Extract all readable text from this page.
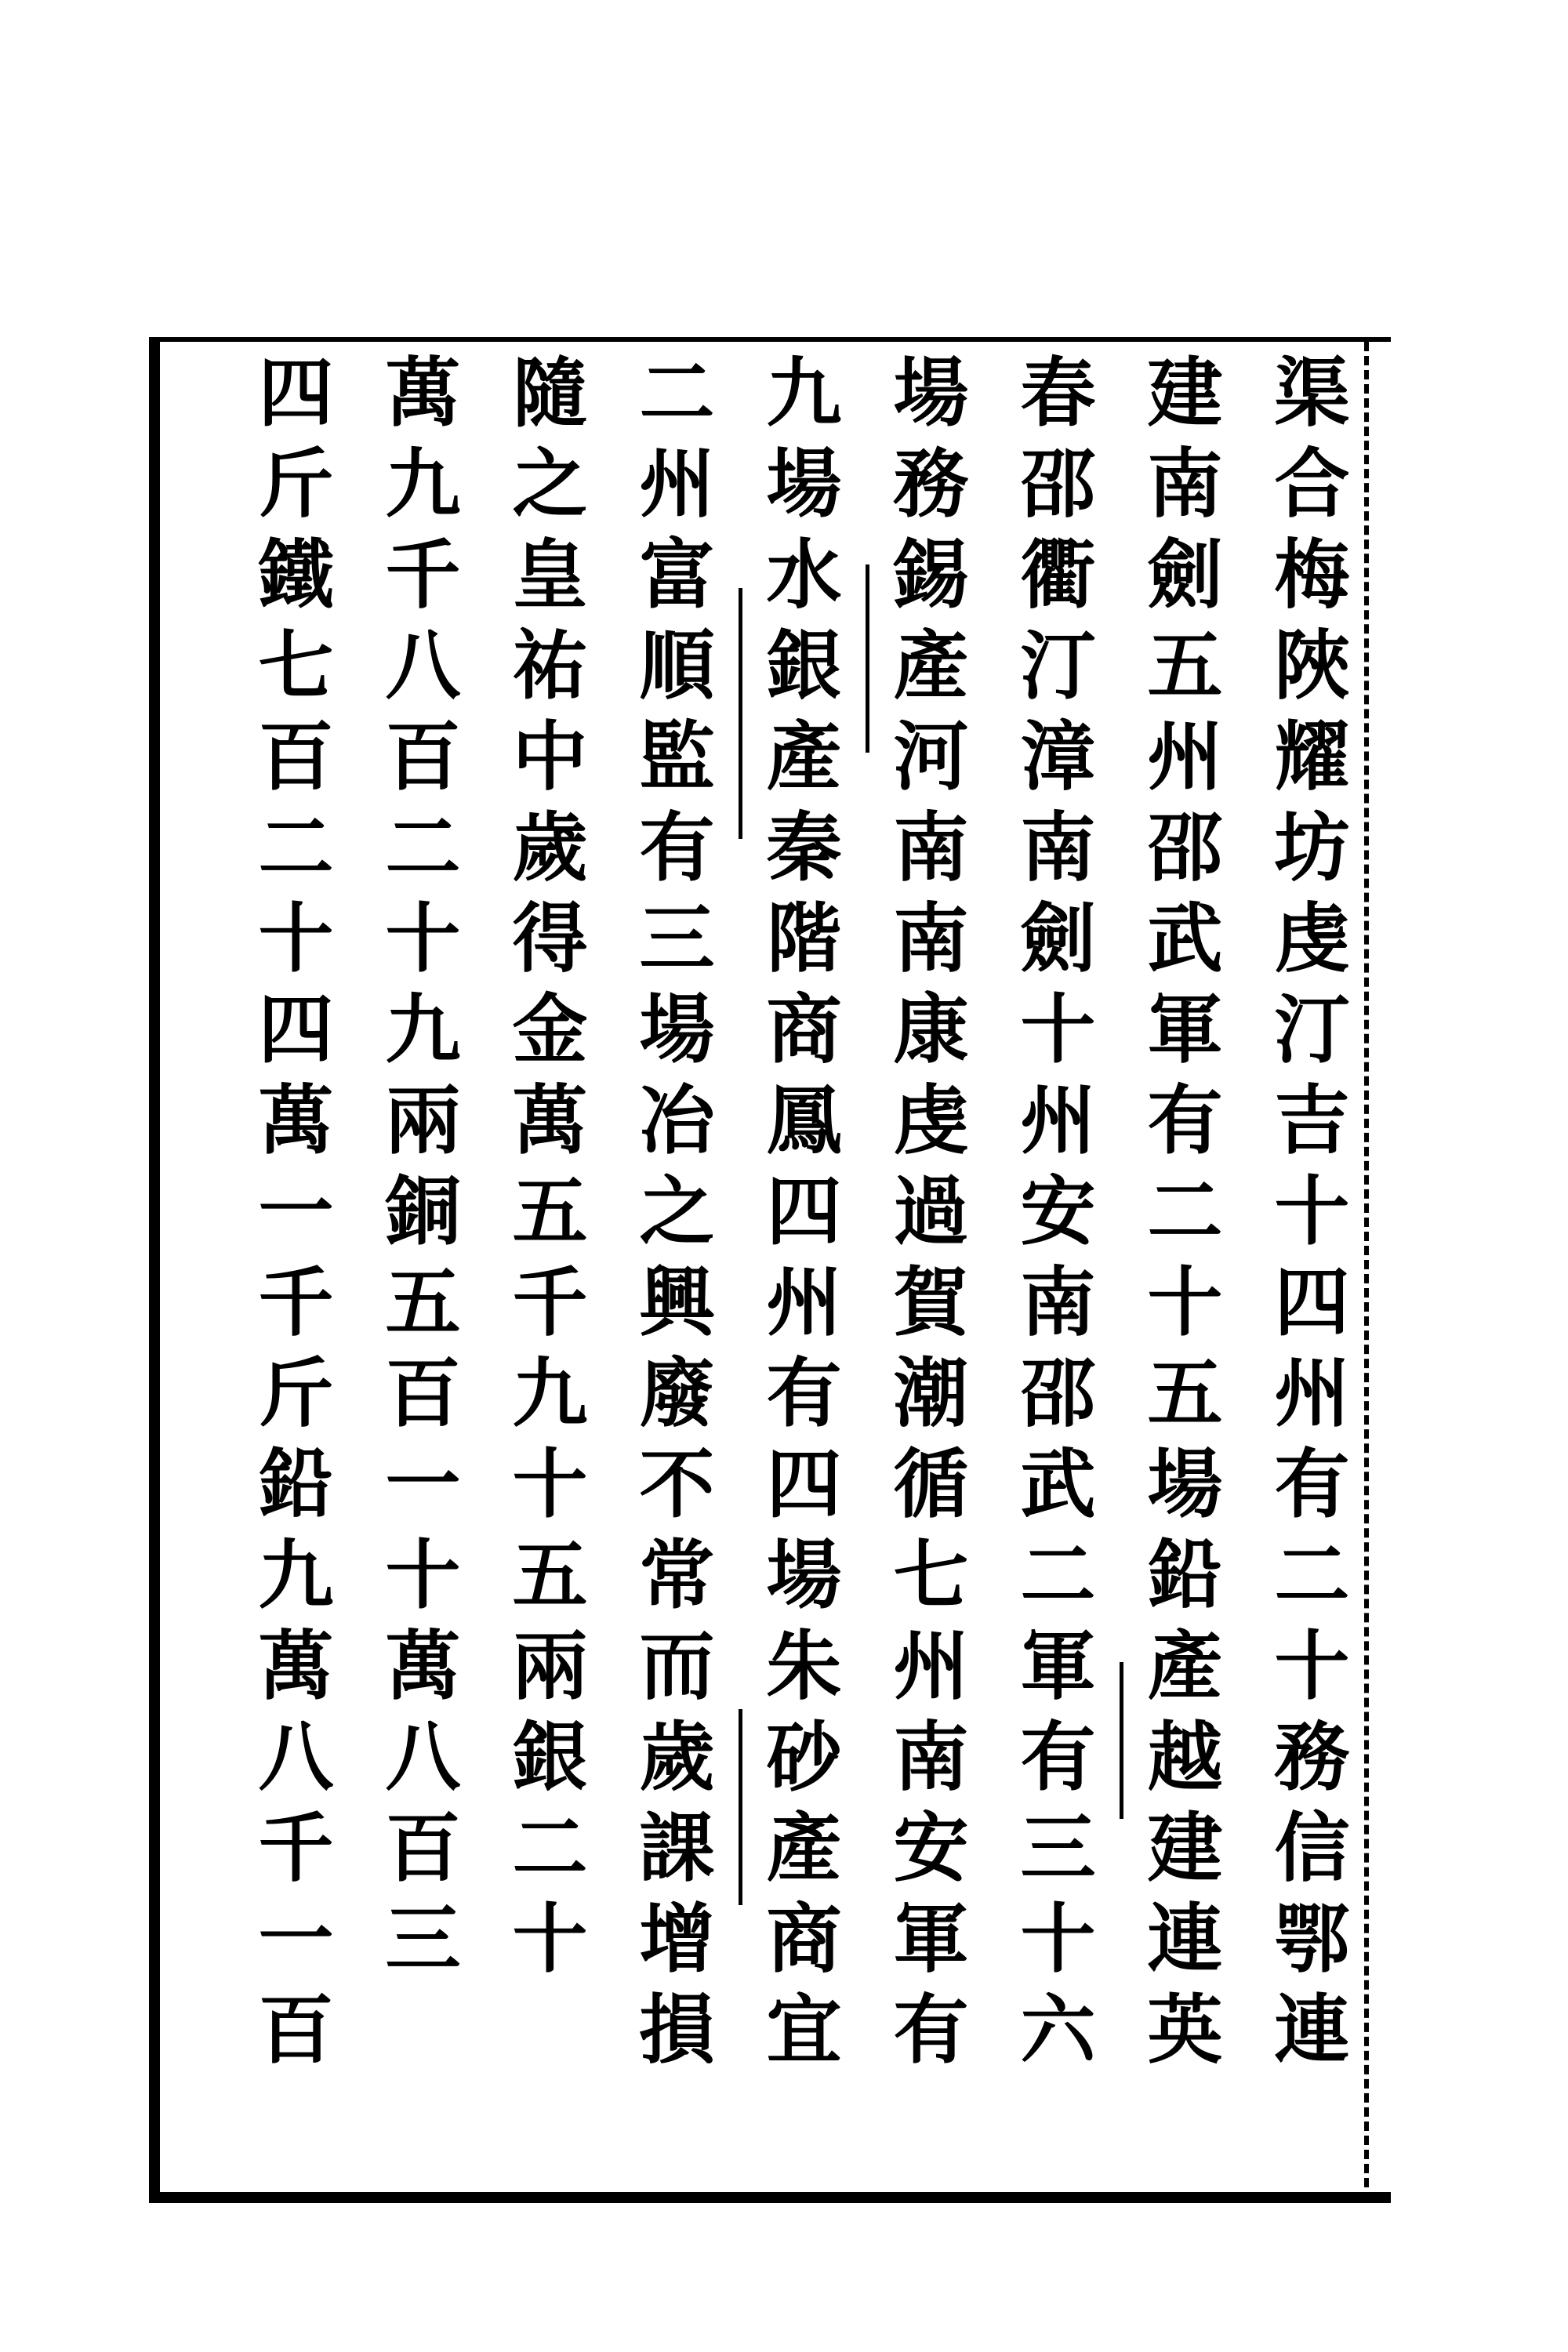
渠合梅陜耀坊虔汀吉十四州有二十務信鄂連
建南劍五州邵武軍有二十五場鉛產越建連英
春邵衢汀漳南劍十州安南邵武二軍有三十六
場務錫產河南南康虔過賀潮循七州南安軍有
九場水銀產秦階商鳳四州有四場朱砂產商宜
二州富順監有三場冶之興廢不常而歲課增損
隨之皇祐中歲得金萬五千九十五兩銀二十
萬九千八百二十九兩銅五百一十萬八百三
四斤鐵七百二十四萬一千斤鉛九萬八千一百
